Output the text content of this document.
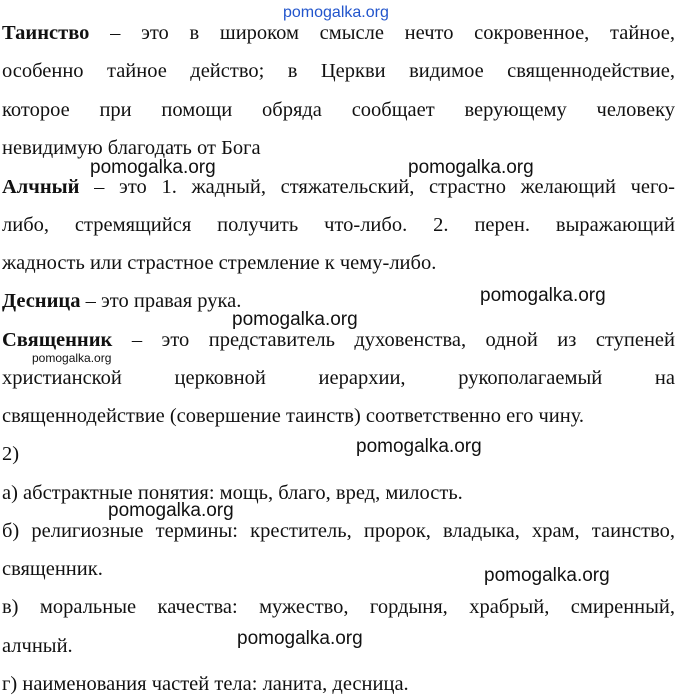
pomogalka.org
Таинство – это в широком смысле нечто сокровенное, тайное,
особенно тайное действо; в Церкви видимое священнодействие,
которое при помощи обряда сообщает верующему человеку
невидимую благодать от Бога
Алчный – это 1. жадный, стяжательский, страстно желающий чего-
либо, стремящийся получить что-либо. 2. перен. выражающий
жадность или страстное стремление к чему-либо.
Десница – это правая рука.
Священник – это представитель духовенства, одной из ступеней
христианской церковной иерархии, рукополагаемый на
священнодействие (совершение таинств) соответственно его чину.
2)
а) абстрактные понятия: мощь, благо, вред, милость.
б) религиозные термины: креститель, пророк, владыка, храм, таинство,
священник.
в) моральные качества: мужество, гордыня, храбрый, смиренный,
алчный.
г) наименования частей тела: ланита, десница.
pomogalka.org	pomogalka.org
pomogalka.org
pomogalka.org
pomogalka.org
pomogalka.org
pomogalka.org
pomogalka.org
pomogalka.org
